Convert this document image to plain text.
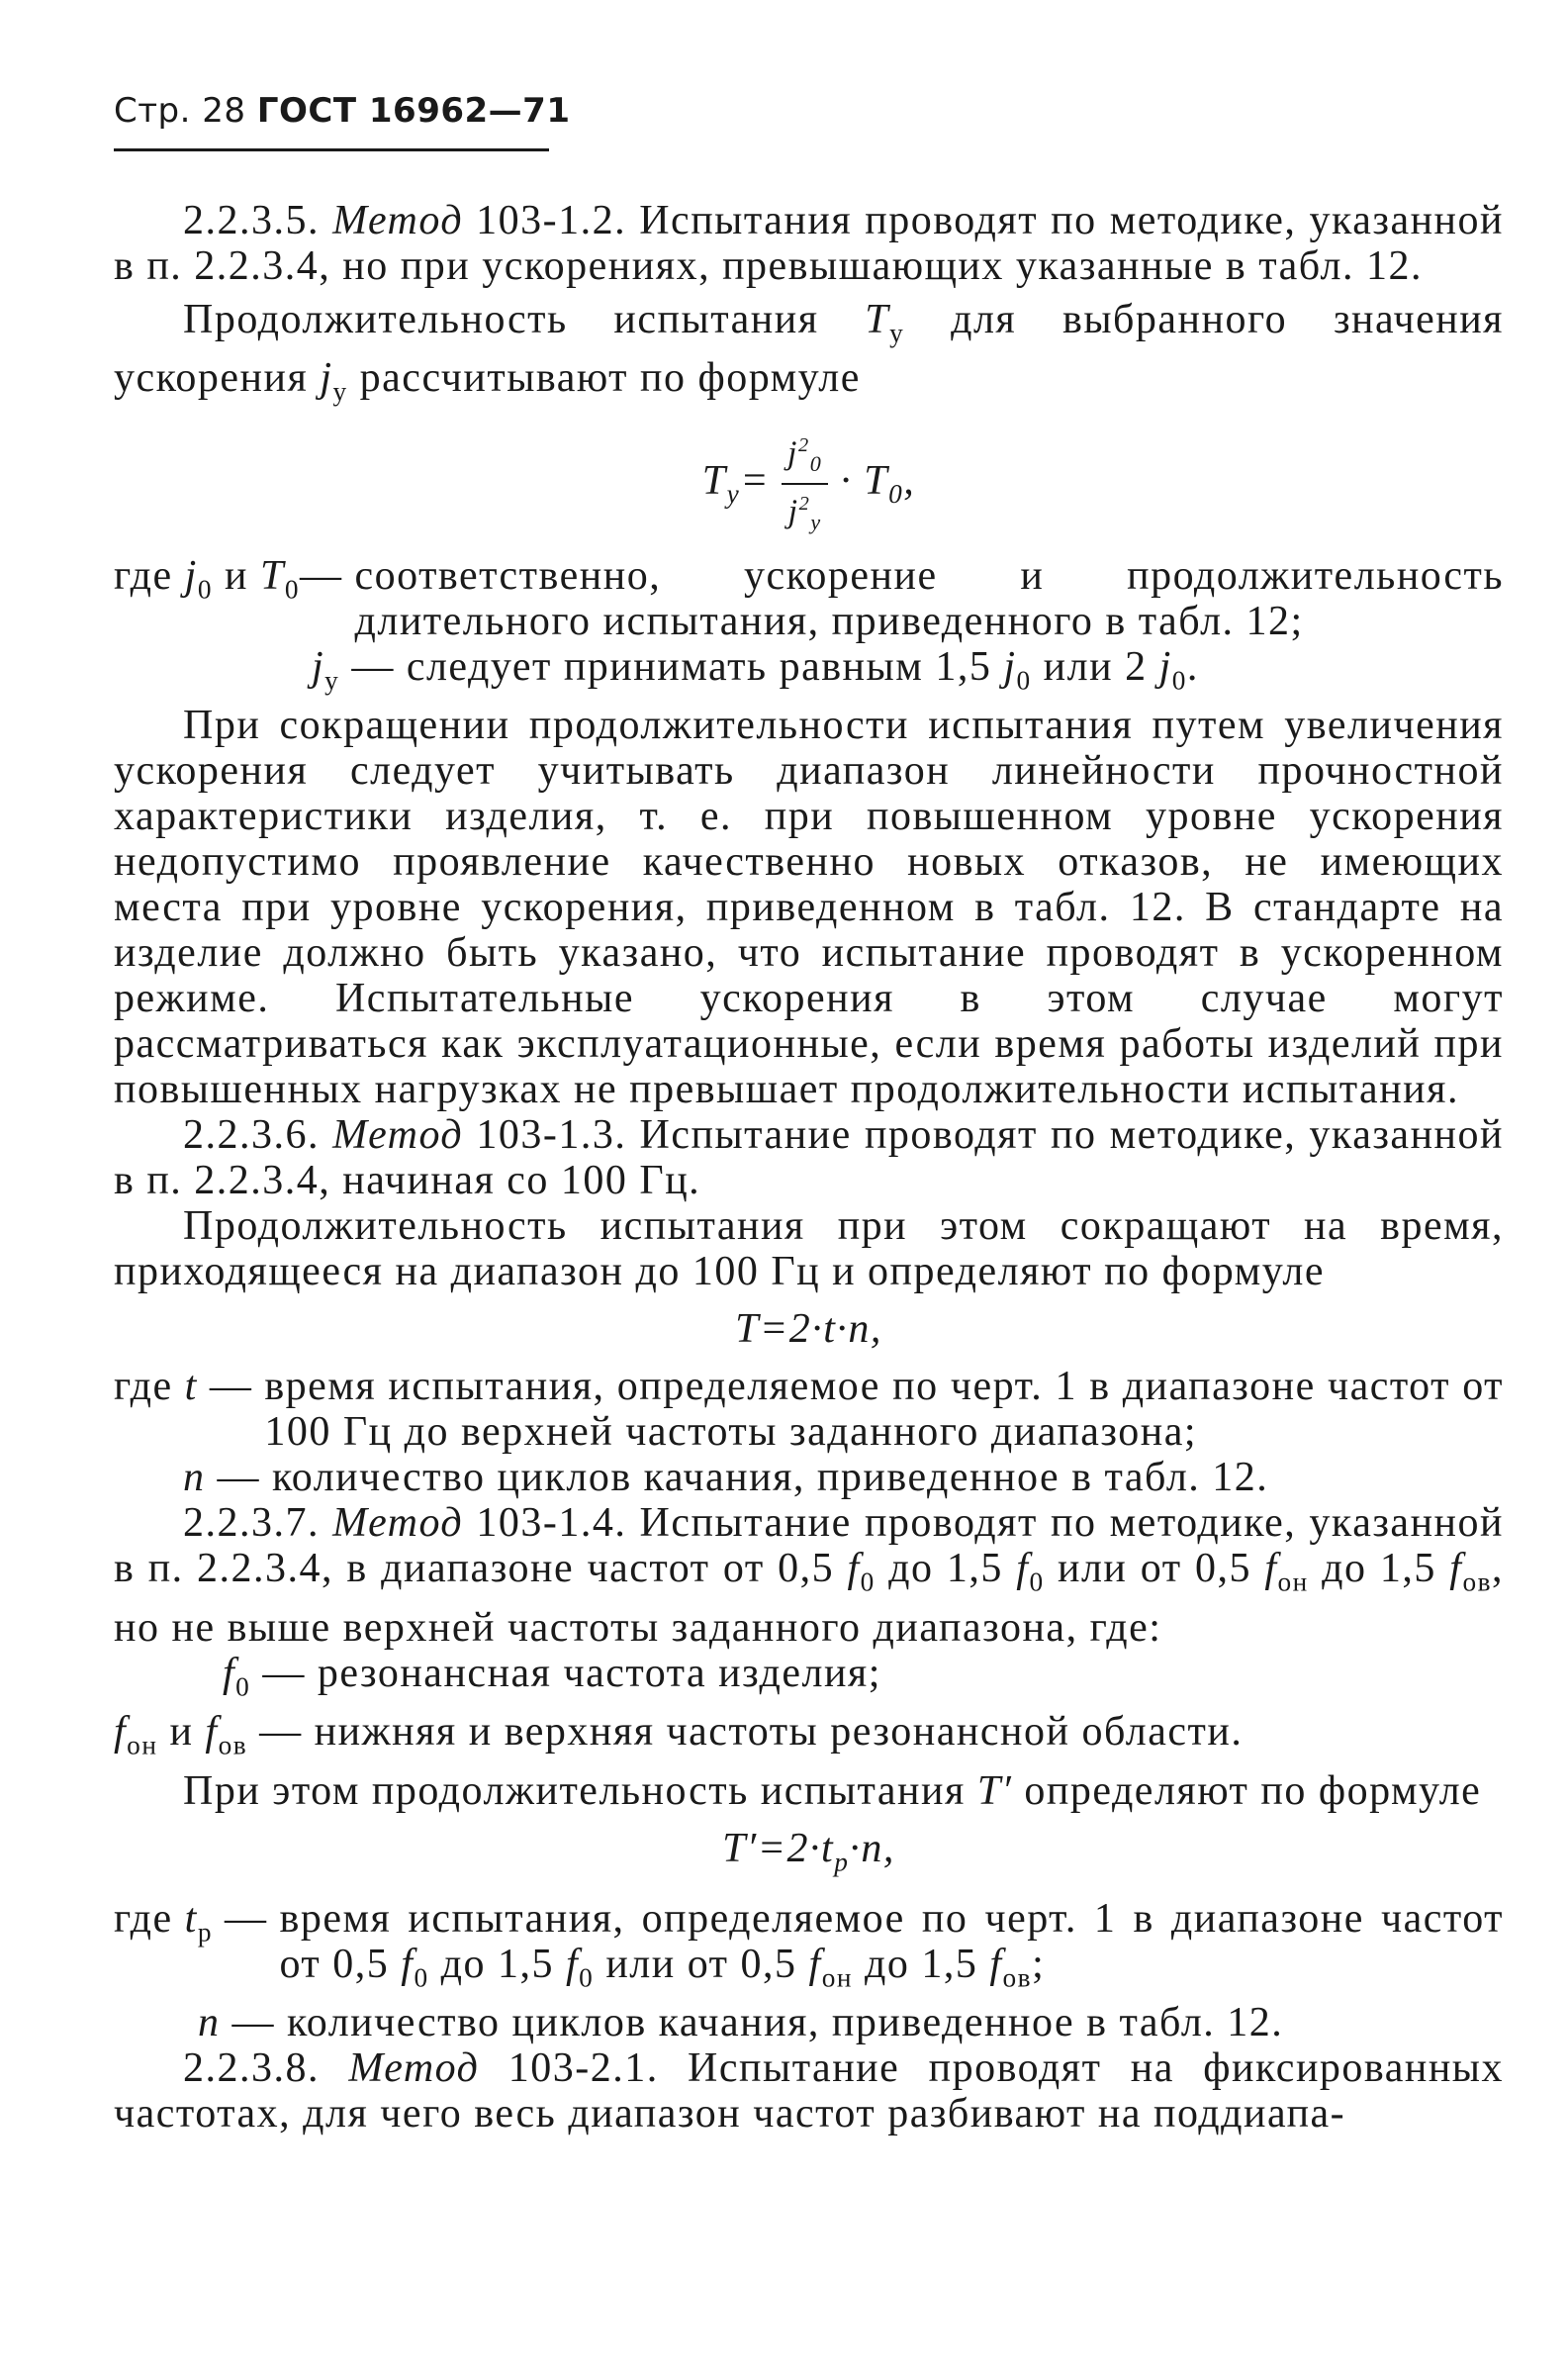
Стр. 28 ГОСТ 16962—71

2.2.3.5. Метод 103-1.2. Испытания проводят по методике, указанной в п. 2.2.3.4, но при ускорениях, превышающих указанные в табл. 12.

Продолжительность испытания $T_у$ для выбранного значения ускорения $j_у$ рассчитывают по формуле

$T_у= \frac{j^2_0}{j^2_у} \cdot T_0$,
где $j_0$ и $T_0—$ соответственно, ускорение и продолжительность длительного испытания, приведенного в табл. 12;
$j_у$ — следует принимать равным 1,5 $j_0$ или 2 $j_0$.

При сокращении продолжительности испытания путем увеличения ускорения следует учитывать диапазон линейности прочностной характеристики изделия, т. е. при повышенном уровне ускорения недопустимо проявление качественно новых отказов, не имеющих места при уровне ускорения, приведенном в табл. 12. В стандарте на изделие должно быть указано, что испытание проводят в ускоренном режиме. Испытательные ускорения в этом случае могут рассматриваться как эксплуатационные, если время работы изделий при повышенных нагрузках не превышает продолжительности испытания.

2.2.3.6. Метод 103-1.3. Испытание проводят по методике, указанной в п. 2.2.3.4, начиная со 100 Гц.

Продолжительность испытания при этом сокращают на время, приходящееся на диапазон до 100 Гц и определяют по формуле

T=2·t·n,
где t — время испытания, определяемое по черт. 1 в диапазоне частот от 100 Гц до верхней частоты заданного диапазона;
n — количество циклов качания, приведенное в табл. 12.

2.2.3.7. Метод 103-1.4. Испытание проводят по методике, указанной в п. 2.2.3.4, в диапазоне частот от 0,5 $f_0$ до 1,5 $f_0$ или от 0,5 $f_{он}$ до 1,5 $f_{ов}$, но не выше верхней частоты заданного диапазона, где:

$f_0$ — резонансная частота изделия;
$f_{он}$ и $f_{ов}$ — нижняя и верхняя частоты резонансной области.

При этом продолжительность испытания T′ определяют по формуле

$T'=2\cdot t_р\cdot n$,
где $t_р$ — время испытания, определяемое по черт. 1 в диапазоне частот от 0,5 $f_0$ до 1,5 $f_0$ или от 0,5 $f_{он}$ до 1,5 $f_{ов}$;
n — количество циклов качания, приведенное в табл. 12.

2.2.3.8. Метод 103-2.1. Испытание проводят на фиксированных частотах, для чего весь диапазон частот разбивают на поддиапа-
